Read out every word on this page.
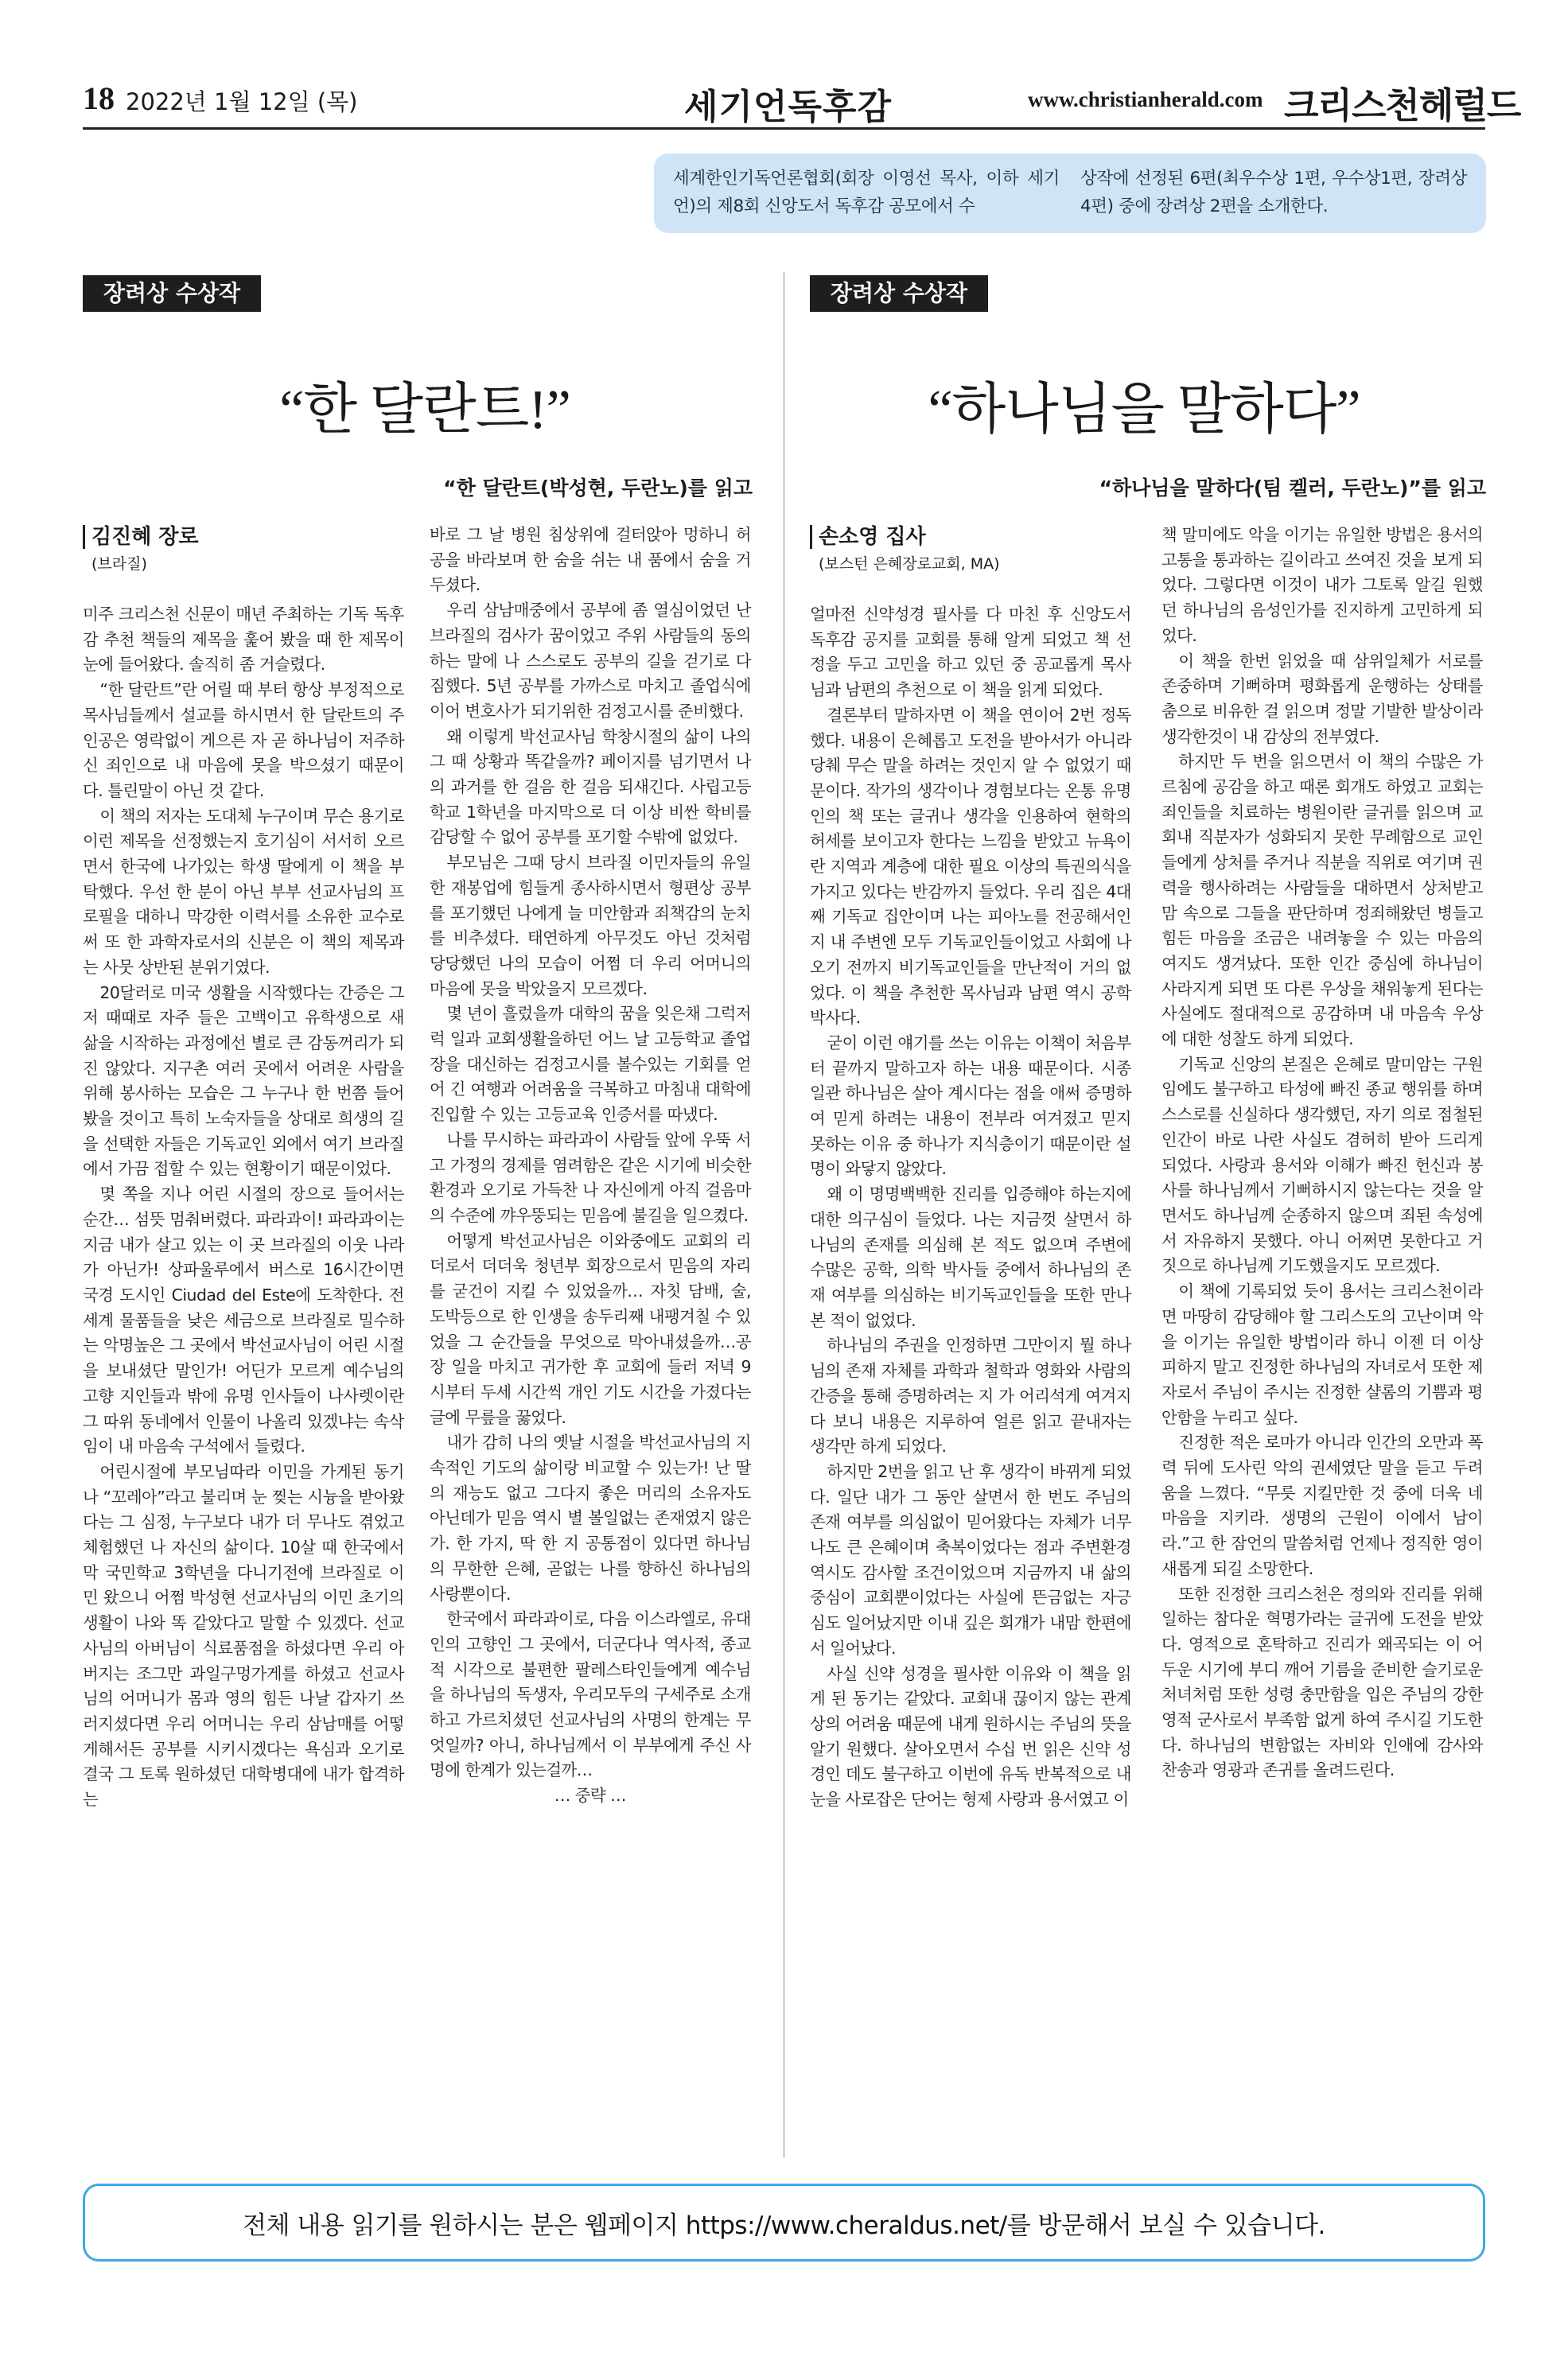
18 2022년 1월 12일 (목)	세기언독후감	www.christianherald.com 크리스천헤럴드

세계한인기독언론협회(회장 이영선 목사, 이하 세기언)의 제8회 신앙도서 독후감 공모에서 수

상작에 선정된 6편(최우수상 1편, 우수상1편, 장려상 4편) 중에 장려상 2편을 소개한다.

장려상 수상작
“한 달란트!”
“한 달란트(박성현, 두란노)를 읽고
김진혜 장로
(브라질)

미주 크리스천 신문이 매년 주최하는 기독 독후감 추천 책들의 제목을 훑어 봤을 때 한 제목이 눈에 들어왔다. 솔직히 좀 거슬렸다.

“한 달란트”란 어릴 때 부터 항상 부정적으로 목사님들께서 설교를 하시면서 한 달란트의 주인공은 영락없이 게으른 자 곧 하나님이 저주하신 죄인으로 내 마음에 못을 박으셨기 때문이다. 틀린말이 아닌 것 같다.

이 책의 저자는 도대체 누구이며 무슨 용기로 이런 제목을 선정했는지 호기심이 서서히 오르면서 한국에 나가있는 학생 딸에게 이 책을 부탁했다. 우선 한 분이 아닌 부부 선교사님의 프로필을 대하니 막강한 이력서를 소유한 교수로써 또 한 과학자로서의 신분은 이 책의 제목과는 사뭇 상반된 분위기였다.

20달러로 미국 생활을 시작했다는 간증은 그저 때때로 자주 들은 고백이고 유학생으로 새 삶을 시작하는 과정에선 별로 큰 감동꺼리가 되진 않았다. 지구촌 여러 곳에서 어려운 사람을 위해 봉사하는 모습은 그 누구나 한 번쯤 들어 봤을 것이고 특히 노숙자들을 상대로 희생의 길을 선택한 자들은 기독교인 외에서 여기 브라질에서 가끔 접할 수 있는 현황이기 때문이었다.

몇 쪽을 지나 어린 시절의 장으로 들어서는 순간… 섬뜻 멈춰버렸다. 파라과이! 파라과이는 지금 내가 살고 있는 이 곳 브라질의 이웃 나라가 아닌가! 상파울루에서 버스로 16시간이면 국경 도시인 Ciudad del Este에 도착한다. 전세계 물품들을 낮은 세금으로 브라질로 밀수하는 악명높은 그 곳에서 박선교사님이 어린 시절을 보내셨단 말인가! 어딘가 모르게 예수님의 고향 지인들과 밖에 유명 인사들이 나사렛이란 그 따위 동네에서 인물이 나올리 있겠냐는 속삭임이 내 마음속 구석에서 들렸다.

어린시절에 부모님따라 이민을 가게된 동기나 “꼬레아”라고 불리며 눈 찢는 시늉을 받아왔다는 그 심정, 누구보다 내가 더 무나도 겪었고 체험했던 나 자신의 삶이다. 10살 때 한국에서 막 국민학교 3학년을 다니기전에 브라질로 이민 왔으니 어쩜 박성현 선교사님의 이민 초기의 생활이 나와 똑 같았다고 말할 수 있겠다. 선교사님의 아버님이 식료품점을 하셨다면 우리 아버지는 조그만 과일구멍가게를 하셨고 선교사님의 어머니가 몸과 영의 힘든 나날 갑자기 쓰러지셨다면 우리 어머니는 우리 삼남매를 어떻게해서든 공부를 시키시겠다는 욕심과 오기로 결국 그 토록 원하셨던 대학병대에 내가 합격하는

바로 그 날 병원 침상위에 걸터앉아 멍하니 허공을 바라보며 한 숨을 쉬는 내 품에서 숨을 거두셨다.

우리 삼남매중에서 공부에 좀 열심이었던 난 브라질의 검사가 꿈이었고 주위 사람들의 동의하는 말에 나 스스로도 공부의 길을 걷기로 다짐했다. 5년 공부를 가까스로 마치고 졸업식에이어 변호사가 되기위한 검정고시를 준비했다.

왜 이렇게 박선교사님 학창시절의 삶이 나의 그 때 상황과 똑같을까? 페이지를 넘기면서 나의 과거를 한 걸음 한 걸음 되새긴다. 사립고등학교 1학년을 마지막으로 더 이상 비싼 학비를 감당할 수 없어 공부를 포기할 수밖에 없었다.

부모님은 그때 당시 브라질 이민자들의 유일한 재봉업에 힘들게 종사하시면서 형편상 공부를 포기했던 나에게 늘 미안함과 죄책감의 눈치를 비추셨다. 태연하게 아무것도 아닌 것처럼 당당했던 나의 모습이 어쩜 더 우리 어머니의 마음에 못을 박았을지 모르겠다.

몇 년이 흘렀을까 대학의 꿈을 잊은채 그럭저럭 일과 교회생활을하던 어느 날 고등학교 졸업장을 대신하는 검정고시를 볼수있는 기회를 얻어 긴 여행과 어려움을 극복하고 마침내 대학에 진입할 수 있는 고등교육 인증서를 따냈다.

나를 무시하는 파라과이 사람들 앞에 우뚝 서고 가정의 경제를 염려함은 같은 시기에 비슷한 환경과 오기로 가득찬 나 자신에게 아직 걸음마의 수준에 꺄우뚱되는 믿음에 불길을 일으켰다.

어떻게 박선교사님은 이와중에도 교회의 리더로서 더더욱 청년부 회장으로서 믿음의 자리를 굳건이 지킬 수 있었을까… 자칫 담배, 술, 도박등으로 한 인생을 송두리째 내팽겨칠 수 있었을 그 순간들을 무엇으로 막아내셨을까…공장 일을 마치고 귀가한 후 교회에 들러 저녁 9시부터 두세 시간씩 개인 기도 시간을 가졌다는 글에 무릎을 꿇었다.

내가 감히 나의 옛날 시절을 박선교사님의 지속적인 기도의 삶이랑 비교할 수 있는가! 난 딸의 재능도 없고 그다지 좋은 머리의 소유자도 아닌데가 믿음 역시 별 볼일없는 존재였지 않은가. 한 가지, 딱 한 지 공통점이 있다면 하나님의 무한한 은혜, 곧없는 나를 향하신 하나님의 사랑뿐이다.

한국에서 파라과이로, 다음 이스라엘로, 유대인의 고향인 그 곳에서, 더군다나 역사적, 종교적 시각으로 불편한 팔레스타인들에게 예수님을 하나님의 독생자, 우리모두의 구세주로 소개하고 가르치셨던 선교사님의 사명의 한계는 무엇일까? 아니, 하나님께서 이 부부에게 주신 사명에 한계가 있는걸까…

… 중략 …

장려상 수상작
“하나님을 말하다”
“하나님을 말하다(팀 켈러, 두란노)”를 읽고
손소영 집사
(보스턴 은혜장로교회, MA)

얼마전 신약성경 필사를 다 마친 후 신앙도서 독후감 공지를 교회를 통해 알게 되었고 책 선정을 두고 고민을 하고 있던 중 공교롭게 목사님과 남편의 추천으로 이 책을 읽게 되었다.

결론부터 말하자면 이 책을 연이어 2번 정독했다. 내용이 은혜롭고 도전을 받아서가 아니라 당췌 무슨 말을 하려는 것인지 알 수 없었기 때문이다. 작가의 생각이나 경험보다는 온통 유명인의 책 또는 글귀나 생각을 인용하여 현학의 허세를 보이고자 한다는 느낌을 받았고 뉴욕이란 지역과 계층에 대한 필요 이상의 특권의식을 가지고 있다는 반감까지 들었다. 우리 집은 4대째 기독교 집안이며 나는 피아노를 전공해서인지 내 주변엔 모두 기독교인들이었고 사회에 나오기 전까지 비기독교인들을 만난적이 거의 없었다. 이 책을 추천한 목사님과 남편 역시 공학박사다.

굳이 이런 얘기를 쓰는 이유는 이책이 처음부터 끝까지 말하고자 하는 내용 때문이다. 시종일관 하나님은 살아 계시다는 점을 애써 증명하여 믿게 하려는 내용이 전부라 여겨졌고 믿지 못하는 이유 중 하나가 지식층이기 때문이란 설명이 와닿지 않았다.

왜 이 명명백백한 진리를 입증해야 하는지에 대한 의구심이 들었다. 나는 지금껏 살면서 하나님의 존재를 의심해 본 적도 없으며 주변에 수많은 공학, 의학 박사들 중에서 하나님의 존재 여부를 의심하는 비기독교인들을 또한 만나본 적이 없었다.

하나님의 주권을 인정하면 그만이지 뭘 하나님의 존재 자체를 과학과 철학과 영화와 사람의 간증을 통해 증명하려는 지 가 어리석게 여겨지다 보니 내용은 지루하여 얼른 읽고 끝내자는 생각만 하게 되었다.

하지만 2번을 읽고 난 후 생각이 바뀌게 되었다. 일단 내가 그 동안 살면서 한 번도 주님의 존재 여부를 의심없이 믿어왔다는 자체가 너무나도 큰 은혜이며 축복이었다는 점과 주변환경 역시도 감사할 조건이었으며 지금까지 내 삶의 중심이 교회뿐이었다는 사실에 뜬금없는 자긍심도 일어났지만 이내 깊은 회개가 내맘 한편에서 일어났다.

사실 신약 성경을 필사한 이유와 이 책을 읽게 된 동기는 같았다. 교회내 끊이지 않는 관계상의 어려움 때문에 내게 원하시는 주님의 뜻을 알기 원했다. 살아오면서 수십 번 읽은 신약 성경인 데도 불구하고 이번에 유독 반복적으로 내 눈을 사로잡은 단어는 형제 사랑과 용서였고 이

책 말미에도 악을 이기는 유일한 방법은 용서의 고통을 통과하는 길이라고 쓰여진 것을 보게 되었다. 그렇다면 이것이 내가 그토록 알길 원했던 하나님의 음성인가를 진지하게 고민하게 되었다.

이 책을 한번 읽었을 때 삼위일체가 서로를 존중하며 기뻐하며 평화롭게 운행하는 상태를 춤으로 비유한 걸 읽으며 정말 기발한 발상이라 생각한것이 내 감상의 전부였다.

하지만 두 번을 읽으면서 이 책의 수많은 가르침에 공감을 하고 때론 회개도 하였고 교회는 죄인들을 치료하는 병원이란 글귀를 읽으며 교회내 직분자가 성화되지 못한 무례함으로 교인들에게 상처를 주거나 직분을 직위로 여기며 권력을 행사하려는 사람들을 대하면서 상처받고 맘 속으로 그들을 판단하며 정죄해왔던 병들고 힘든 마음을 조금은 내려놓을 수 있는 마음의 여지도 생겨났다. 또한 인간 중심에 하나님이 사라지게 되면 또 다른 우상을 채워놓게 된다는 사실에도 절대적으로 공감하며 내 마음속 우상에 대한 성찰도 하게 되었다.

기독교 신앙의 본질은 은혜로 말미암는 구원임에도 불구하고 타성에 빠진 종교 행위를 하며 스스로를 신실하다 생각했던, 자기 의로 점철된 인간이 바로 나란 사실도 겸허히 받아 드리게 되었다. 사랑과 용서와 이해가 빠진 헌신과 봉사를 하나님께서 기뻐하시지 않는다는 것을 알면서도 하나님께 순종하지 않으며 죄된 속성에서 자유하지 못했다. 아니 어쩌면 못한다고 거짓으로 하나님께 기도했을지도 모르겠다.

이 책에 기록되었 듯이 용서는 크리스천이라면 마땅히 감당해야 할 그리스도의 고난이며 악을 이기는 유일한 방법이라 하니 이젠 더 이상 피하지 말고 진정한 하나님의 자녀로서 또한 제자로서 주님이 주시는 진정한 샬롬의 기쁨과 평안함을 누리고 싶다.

진정한 적은 로마가 아니라 인간의 오만과 폭력 뒤에 도사린 악의 권세였단 말을 듣고 두려움을 느꼈다. “무릇 지킬만한 것 중에 더욱 네 마음을 지키라. 생명의 근원이 이에서 남이라.”고 한 잠언의 말씀처럼 언제나 정직한 영이 새롭게 되길 소망한다.

또한 진정한 크리스천은 정의와 진리를 위해 일하는 참다운 혁명가라는 글귀에 도전을 받았다. 영적으로 혼탁하고 진리가 왜곡되는 이 어두운 시기에 부디 깨어 기름을 준비한 슬기로운 처녀처럼 또한 성령 충만함을 입은 주님의 강한 영적 군사로서 부족함 없게 하여 주시길 기도한다. 하나님의 변함없는 자비와 인애에 감사와 찬송과 영광과 존귀를 올려드린다.

전체 내용 읽기를 원하시는 분은 웹페이지 https://www.cheraldus.net/를 방문해서 보실 수 있습니다.
